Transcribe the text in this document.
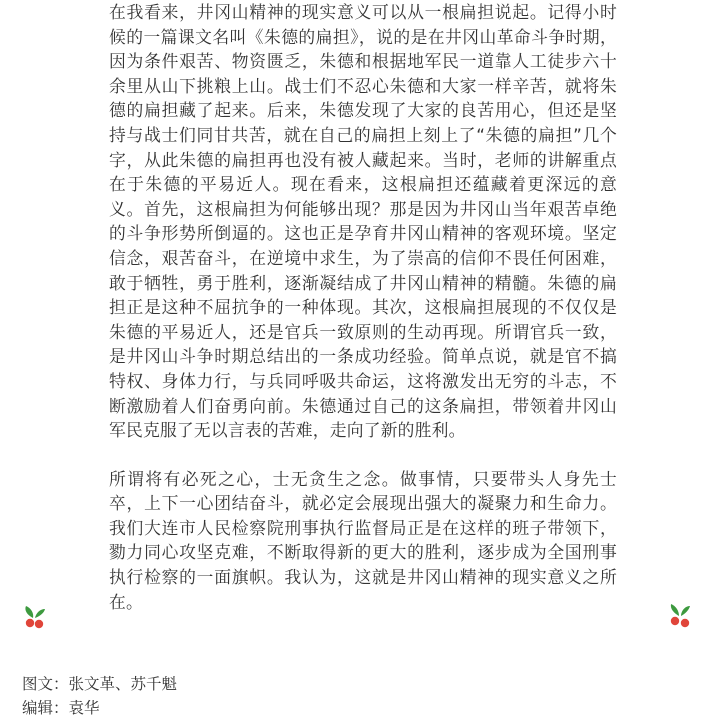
在我看来，井冈山精神的现实意义可以从一根扁担说起。记得小时候的一篇课文名叫《朱德的扁担》，说的是在井冈山革命斗争时期，因为条件艰苦、物资匮乏，朱德和根据地军民一道靠人工徒步六十余里从山下挑粮上山。战士们不忍心朱德和大家一样辛苦，就将朱德的扁担藏了起来。后来，朱德发现了大家的良苦用心，但还是坚持与战士们同甘共苦，就在自己的扁担上刻上了“朱德的扁担”几个字，从此朱德的扁担再也没有被人藏起来。当时，老师的讲解重点在于朱德的平易近人。现在看来，这根扁担还蕴藏着更深远的意义。首先，这根扁担为何能够出现？那是因为井冈山当年艰苦卓绝的斗争形势所倒逼的。这也正是孕育井冈山精神的客观环境。坚定信念，艰苦奋斗，在逆境中求生，为了崇高的信仰不畏任何困难，敢于牺牲，勇于胜利，逐渐凝结成了井冈山精神的精髓。朱德的扁担正是这种不屈抗争的一种体现。其次，这根扁担展现的不仅仅是朱德的平易近人，还是官兵一致原则的生动再现。所谓官兵一致，是井冈山斗争时期总结出的一条成功经验。简单点说，就是官不搞特权、身体力行，与兵同呼吸共命运，这将激发出无穷的斗志，不断激励着人们奋勇向前。朱德通过自己的这条扁担，带领着井冈山军民克服了无以言表的苦难，走向了新的胜利。

所谓将有必死之心，士无贪生之念。做事情，只要带头人身先士卒，上下一心团结奋斗，就必定会展现出强大的凝聚力和生命力。我们大连市人民检察院刑事执行监督局正是在这样的班子带领下，勠力同心攻坚克难，不断取得新的更大的胜利，逐步成为全国刑事执行检察的一面旗帜。我认为，这就是井冈山精神的现实意义之所在。

图文：张文革、苏千魁
编辑：袁华
